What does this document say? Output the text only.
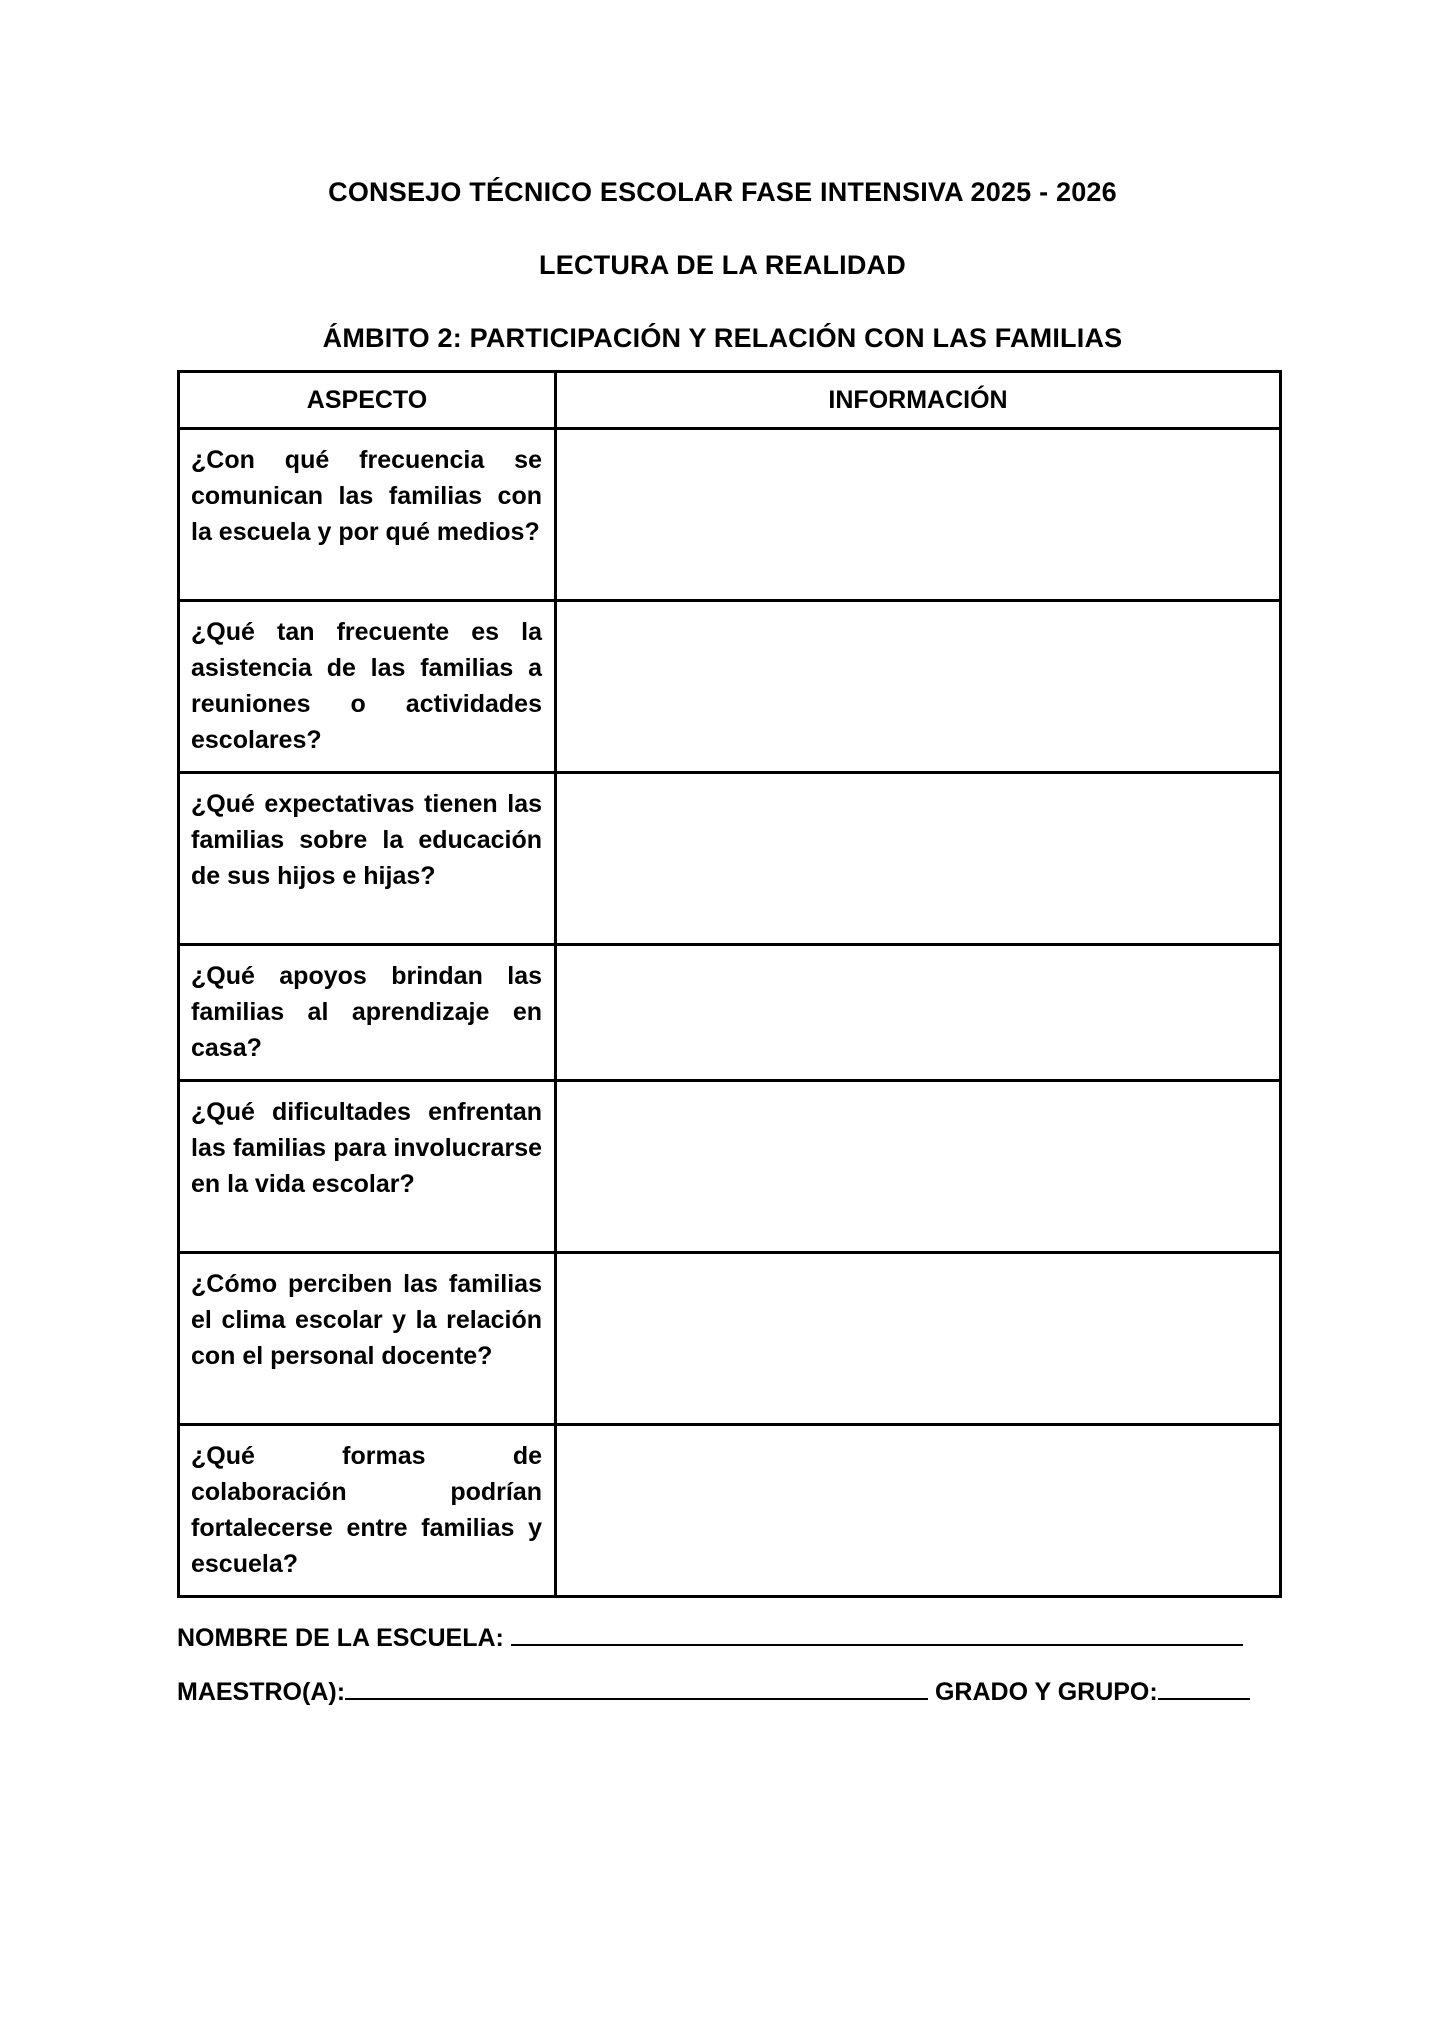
CONSEJO TÉCNICO ESCOLAR FASE INTENSIVA 2025 - 2026
LECTURA DE LA REALIDAD
ÁMBITO 2: PARTICIPACIÓN Y RELACIÓN CON LAS FAMILIAS
ASPECTO	INFORMACIÓN
¿Con qué frecuencia se comunican las familias con la escuela y por qué medios?	
¿Qué tan frecuente es la asistencia de las familias a reuniones o actividades escolares?	
¿Qué expectativas tienen las familias sobre la educación de sus hijos e hijas?	
¿Qué apoyos brindan las familias al aprendizaje en casa?	
¿Qué dificultades enfrentan las familias para involucrarse en la vida escolar?	
¿Cómo perciben las familias el clima escolar y la relación con el personal docente?	
¿Qué formas de colaboración podrían fortalecerse entre familias y escuela?	
NOMBRE DE LA ESCUELA:
MAESTRO(A):	GRADO Y GRUPO:
